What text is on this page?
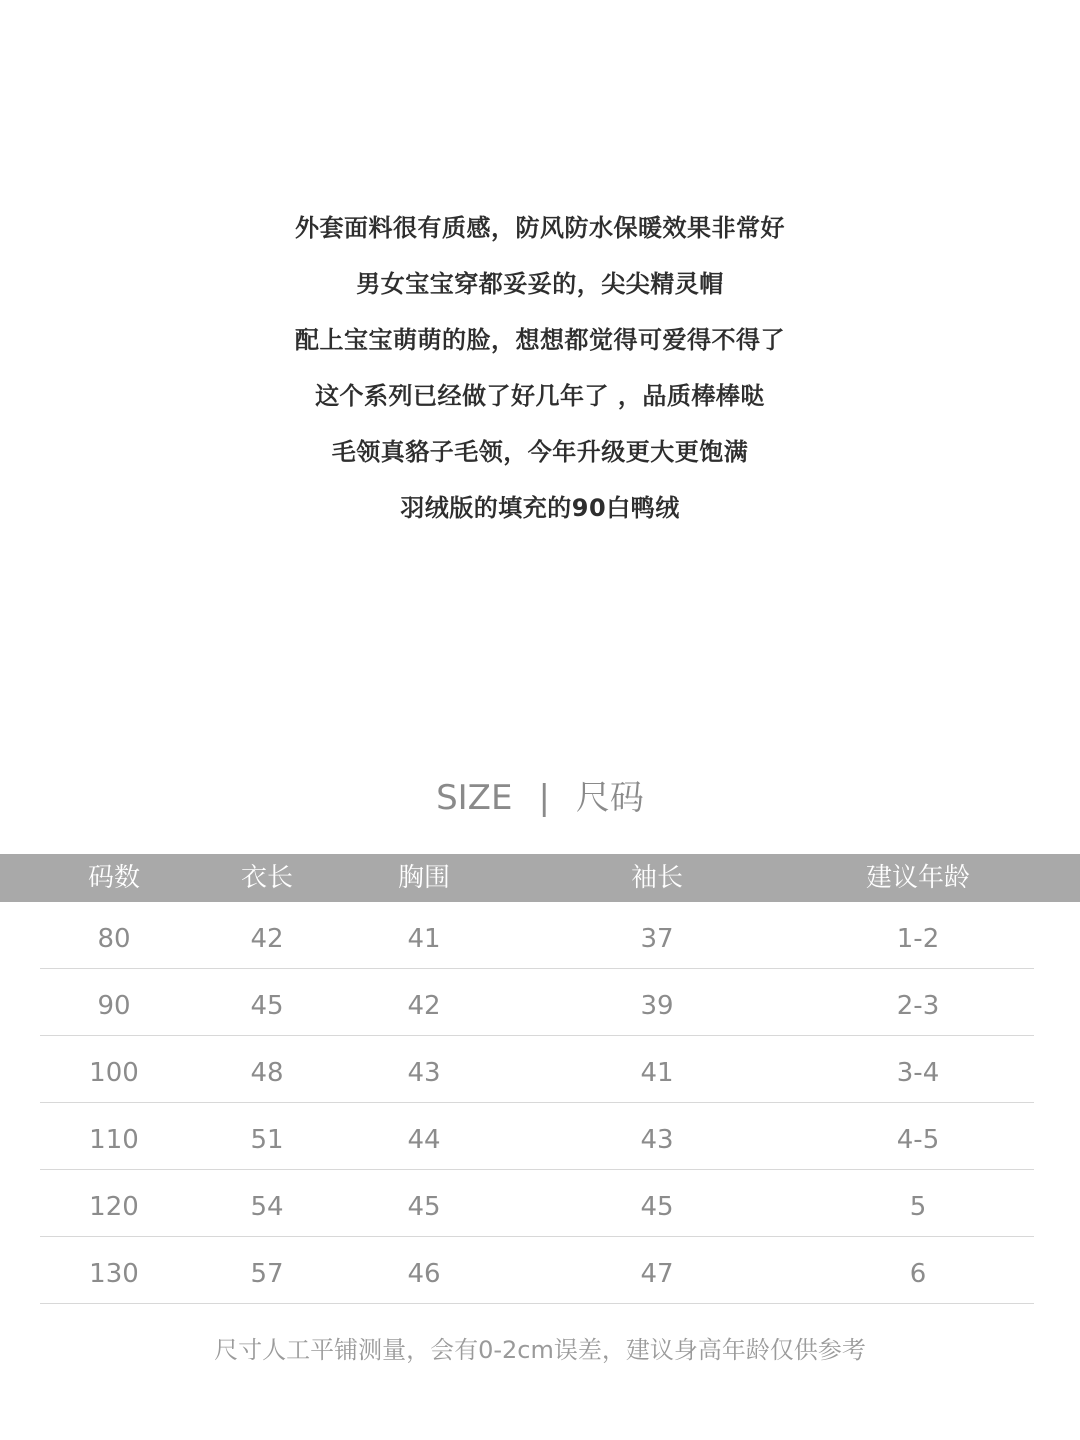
外套面料很有质感，防风防水保暖效果非常好
男女宝宝穿都妥妥的，尖尖精灵帽
配上宝宝萌萌的脸，想想都觉得可爱得不得了
这个系列已经做了好几年了 ，品质棒棒哒
毛领真貉子毛领，今年升级更大更饱满
羽绒版的填充的90白鸭绒
SIZE | 尺码
码数	衣长	胸围	袖长	建议年龄
80	42	41	37	1-2
90	45	42	39	2-3
100	48	43	41	3-4
110	51	44	43	4-5
120	54	45	45	5
130	57	46	47	6
尺寸人工平铺测量，会有0-2cm误差，建议身高年龄仅供参考
